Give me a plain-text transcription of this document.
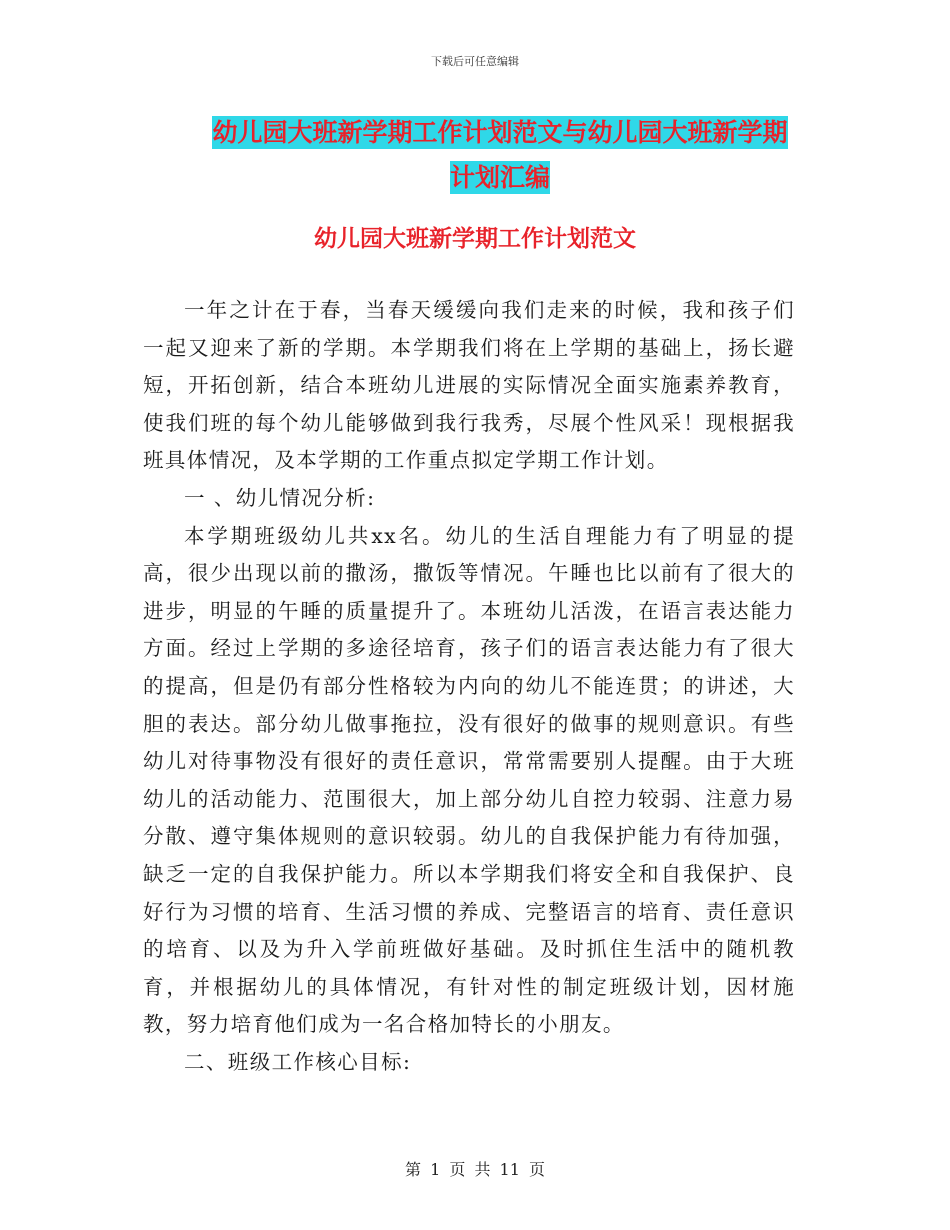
下载后可任意编辑
幼儿园大班新学期工作计划范文与幼儿园大班新学期
计划汇编
幼儿园大班新学期工作计划范文

一年之计在于春，当春天缓缓向我们走来的时候，我和孩子们一起又迎来了新的学期。本学期我们将在上学期的基础上，扬长避短，开拓创新，结合本班幼儿进展的实际情况全面实施素养教育，使我们班的每个幼儿能够做到我行我秀，尽展个性风采！现根据我班具体情况，及本学期的工作重点拟定学期工作计划。

一 、幼儿情况分析:

本学期班级幼儿共xx名。幼儿的生活自理能力有了明显的提高，很少出现以前的撒汤，撒饭等情况。午睡也比以前有了很大的进步，明显的午睡的质量提升了。本班幼儿活泼，在语言表达能力方面。经过上学期的多途径培育，孩子们的语言表达能力有了很大的提高，但是仍有部分性格较为内向的幼儿不能连贯；的讲述，大胆的表达。部分幼儿做事拖拉，没有很好的做事的规则意识。有些幼儿对待事物没有很好的责任意识，常常需要别人提醒。由于大班幼儿的活动能力、范围很大，加上部分幼儿自控力较弱、注意力易分散、遵守集体规则的意识较弱。幼儿的自我保护能力有待加强，缺乏一定的自我保护能力。所以本学期我们将安全和自我保护、良好行为习惯的培育、生活习惯的养成、完整语言的培育、责任意识的培育、以及为升入学前班做好基础。及时抓住生活中的随机教育，并根据幼儿的具体情况，有针对性的制定班级计划，因材施教，努力培育他们成为一名合格加特长的小朋友。

二、班级工作核心目标:

第 1 页 共 11 页
